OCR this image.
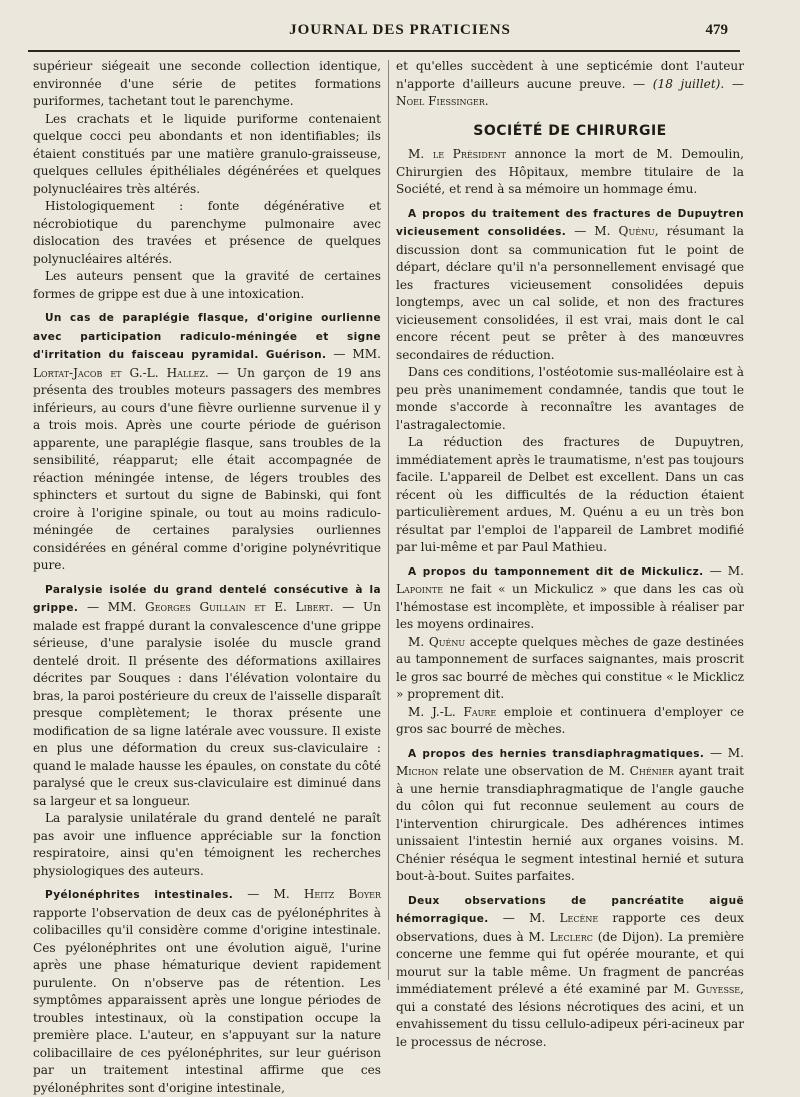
JOURNAL DES PRATICIENS	479

supérieur siégeait une seconde collection identique, environnée d'une série de petites formations puriformes, tachetant tout le parenchyme.

Les crachats et le liquide puriforme contenaient quelque cocci peu abondants et non identifiables; ils étaient constitués par une matière granulo-graisseuse, quelques cellules épithéliales dégénérées et quelques polynucléaires très altérés.

Histologiquement : fonte dégénérative et nécrobiotique du parenchyme pulmonaire avec dislocation des travées et présence de quelques polynucléaires altérés.

Les auteurs pensent que la gravité de certaines formes de grippe est due à une intoxication.

Un cas de paraplégie flasque, d'origine ourlienne avec participation radiculo-méningée et signe d'irritation du faisceau pyramidal. Guérison. — MM. Lortat-Jacob et G.-L. Hallez. — Un garçon de 19 ans présenta des troubles moteurs passagers des membres inférieurs, au cours d'une fièvre ourlienne survenue il y a trois mois. Après une courte période de guérison apparente, une paraplégie flasque, sans troubles de la sensibilité, réapparut; elle était accompagnée de réaction méningée intense, de légers troubles des sphincters et surtout du signe de Babinski, qui font croire à l'origine spinale, ou tout au moins radiculo-méningée de certaines paralysies ourliennes considérées en général comme d'origine polynévritique pure.

Paralysie isolée du grand dentelé consécutive à la grippe. — MM. Georges Guillain et E. Libert. — Un malade est frappé durant la convalescence d'une grippe sérieuse, d'une paralysie isolée du muscle grand dentelé droit. Il présente des déformations axillaires décrites par Souques : dans l'élévation volontaire du bras, la paroi postérieure du creux de l'aisselle disparaît presque complètement; le thorax présente une modification de sa ligne latérale avec voussure. Il existe en plus une déformation du creux sus-claviculaire : quand le malade hausse les épaules, on constate du côté paralysé que le creux sus-claviculaire est diminué dans sa largeur et sa longueur.

La paralysie unilatérale du grand dentelé ne paraît pas avoir une influence appréciable sur la fonction respiratoire, ainsi qu'en témoignent les recherches physiologiques des auteurs.

Pyélonéphrites intestinales. — M. Heitz Boyer rapporte l'observation de deux cas de pyélonéphrites à colibacilles qu'il considère comme d'origine intestinale. Ces pyélonéphrites ont une évolution aiguë, l'urine après une phase hématurique devient rapidement purulente. On n'observe pas de rétention. Les symptômes apparaissent après une longue périodes de troubles intestinaux, où la constipation occupe la première place. L'auteur, en s'appuyant sur la nature colibacillaire de ces pyélonéphrites, sur leur guérison par un traitement intestinal affirme que ces pyélonéphrites sont d'origine intestinale,

et qu'elles succèdent à une septicémie dont l'auteur n'apporte d'ailleurs aucune preuve. — (18 juillet). — Noel Fiessinger.

SOCIÉTÉ DE CHIRURGIE

M. le Président annonce la mort de M. Demoulin, Chirurgien des Hôpitaux, membre titulaire de la Société, et rend à sa mémoire un hommage ému.

A propos du traitement des fractures de Dupuytren vicieusement consolidées. — M. Quénu, résumant la discussion dont sa communication fut le point de départ, déclare qu'il n'a personnellement envisagé que les fractures vicieusement consolidées depuis longtemps, avec un cal solide, et non des fractures vicieusement consolidées, il est vrai, mais dont le cal encore récent peut se prêter à des manœuvres secondaires de réduction.

Dans ces conditions, l'ostéotomie sus-malléolaire est à peu près unanimement condamnée, tandis que tout le monde s'accorde à reconnaître les avantages de l'astragalectomie.

La réduction des fractures de Dupuytren, immédiatement après le traumatisme, n'est pas toujours facile. L'appareil de Delbet est excellent. Dans un cas récent où les difficultés de la réduction étaient particulièrement ardues, M. Quénu a eu un très bon résultat par l'emploi de l'appareil de Lambret modifié par lui-même et par Paul Mathieu.

A propos du tamponnement dit de Mickulicz. — M. Lapointe ne fait « un Mickulicz » que dans les cas où l'hémostase est incomplète, et impossible à réaliser par les moyens ordinaires.

M. Quénu accepte quelques mèches de gaze destinées au tamponnement de surfaces saignantes, mais proscrit le gros sac bourré de mèches qui constitue « le Micklicz » proprement dit.

M. J.-L. Faure emploie et continuera d'employer ce gros sac bourré de mèches.

A propos des hernies transdiaphragmatiques. — M. Michon relate une observation de M. Chénier ayant trait à une hernie transdiaphragmatique de l'angle gauche du côlon qui fut reconnue seulement au cours de l'intervention chirurgicale. Des adhérences intimes unissaient l'intestin hernié aux organes voisins. M. Chénier réséqua le segment intestinal hernié et sutura bout-à-bout. Suites parfaites.

Deux observations de pancréatite aiguë hémorragique. — M. Lecène rapporte ces deux observations, dues à M. Leclerc (de Dijon). La première concerne une femme qui fut opérée mourante, et qui mourut sur la table même. Un fragment de pancréas immédiatement prélevé a été examiné par M. Guyesse, qui a constaté des lésions nécrotiques des acini, et un envahissement du tissu cellulo-adipeux péri-acineux par le processus de nécrose.
